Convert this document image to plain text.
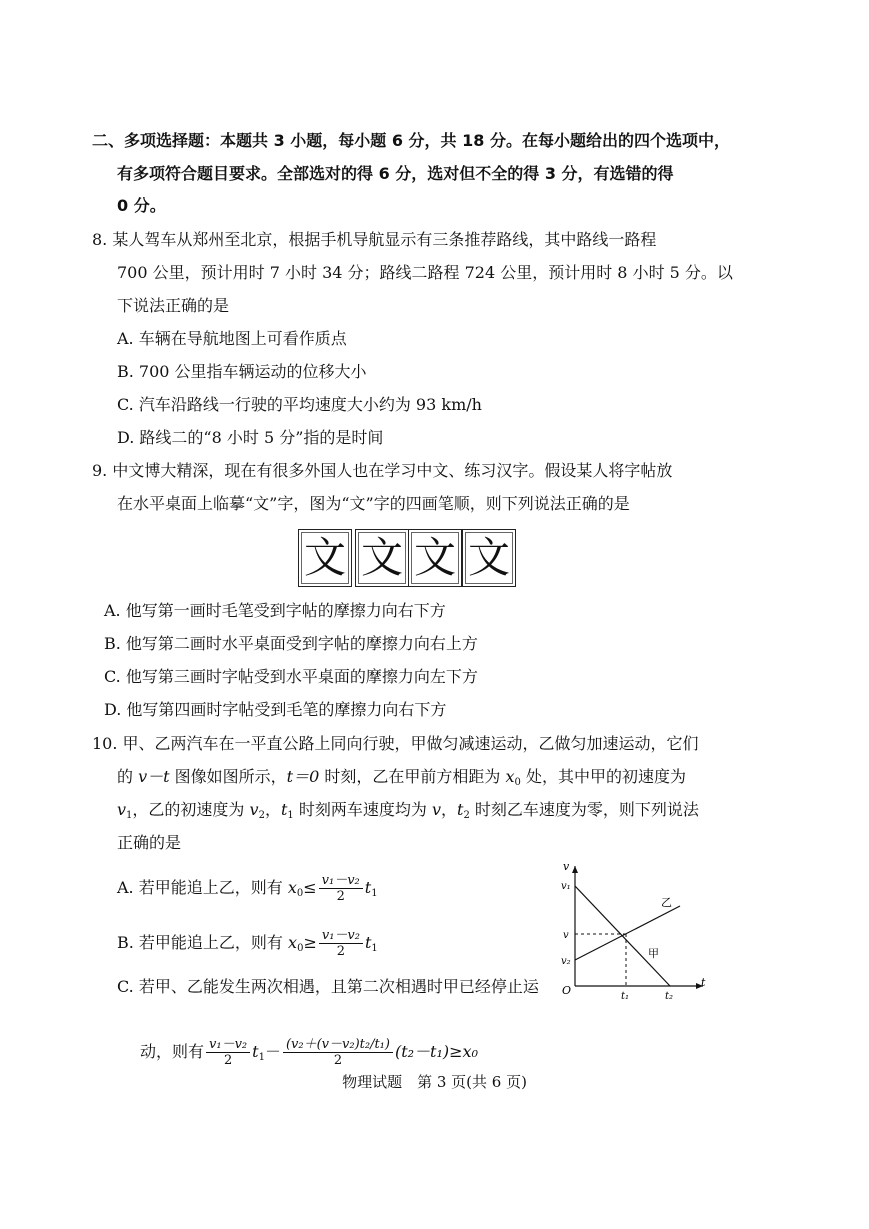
二、多项选择题：本题共 3 小题，每小题 6 分，共 18 分。在每小题给出的四个选项中，
有多项符合题目要求。全部选对的得 6 分，选对但不全的得 3 分，有选错的得
0 分。
8. 某人驾车从郑州至北京，根据手机导航显示有三条推荐路线，其中路线一路程
700 公里，预计用时 7 小时 34 分；路线二路程 724 公里，预计用时 8 小时 5 分。以
下说法正确的是
A. 车辆在导航地图上可看作质点
B. 700 公里指车辆运动的位移大小
C. 汽车沿路线一行驶的平均速度大小约为 93 km/h
D. 路线二的“8 小时 5 分”指的是时间
9. 中文博大精深，现在有很多外国人也在学习中文、练习汉字。假设某人将字帖放
在水平桌面上临摹“文”字，图为“文”字的四画笔顺，则下列说法正确的是
文 文 文 文
A. 他写第一画时毛笔受到字帖的摩擦力向右下方
B. 他写第二画时水平桌面受到字帖的摩擦力向右上方
C. 他写第三画时字帖受到水平桌面的摩擦力向左下方
D. 他写第四画时字帖受到毛笔的摩擦力向右下方
10. 甲、乙两汽车在一平直公路上同向行驶，甲做匀减速运动，乙做匀加速运动，它们
的 v－t 图像如图所示，t＝0 时刻，乙在甲前方相距为 $x_0$ 处，其中甲的初速度为
$v_1$，乙的初速度为 $v_2$，$t_1$ 时刻两车速度均为 v，$t_2$ 时刻乙车速度为零，则下列说法
正确的是
A. 若甲能追上乙，则有 $x_0\le \frac{\text{v₁－v₂}}{2} t_1$
B. 若甲能追上乙，则有 $x_0\ge \frac{\text{v₁－v₂}}{2} t_1$
C. 若甲、乙能发生两次相遇，且第二次相遇时甲已经停止运
动，则有 $\frac{\text{v₁－v₂}}{2} t_1- \frac{\text{(v₂＋(v－v₂)t₂/t₁)}}{2} (t_2-t_1)\ge x_0$
v
t
O
v₁
v
v₂
t₁	t₂
甲
乙
物理试题　第 3 页(共 6 页)
